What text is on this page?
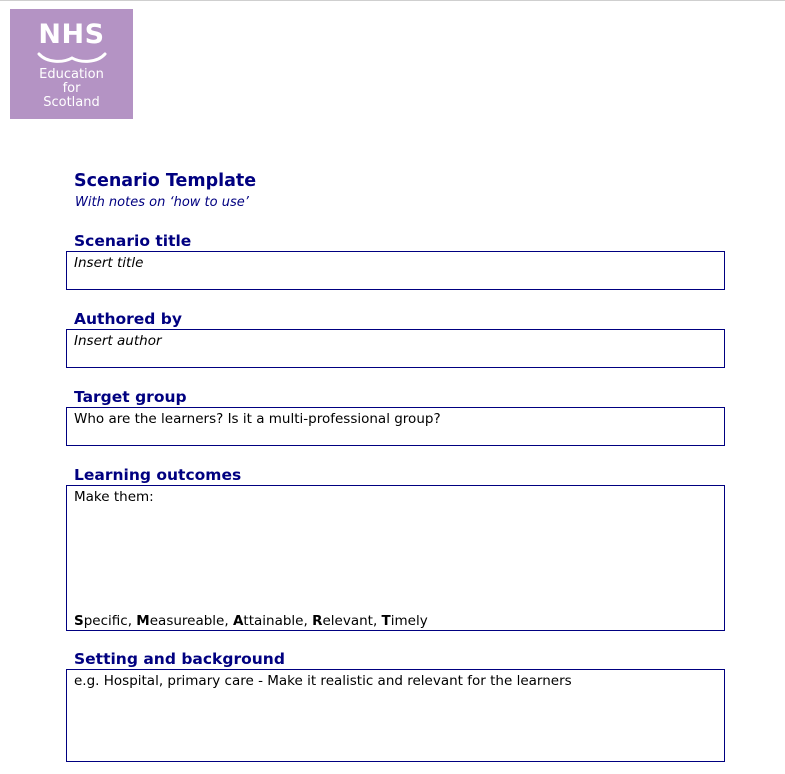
NHS
Education
for
Scotland
Scenario Template
With notes on ‘how to use’
Scenario title
Insert title
Authored by
Insert author
Target group
Who are the learners? Is it a multi-professional group?
Learning outcomes
Make them:
Specific, Measureable, Attainable, Relevant, Timely
Setting and background
e.g. Hospital, primary care - Make it realistic and relevant for the learners
